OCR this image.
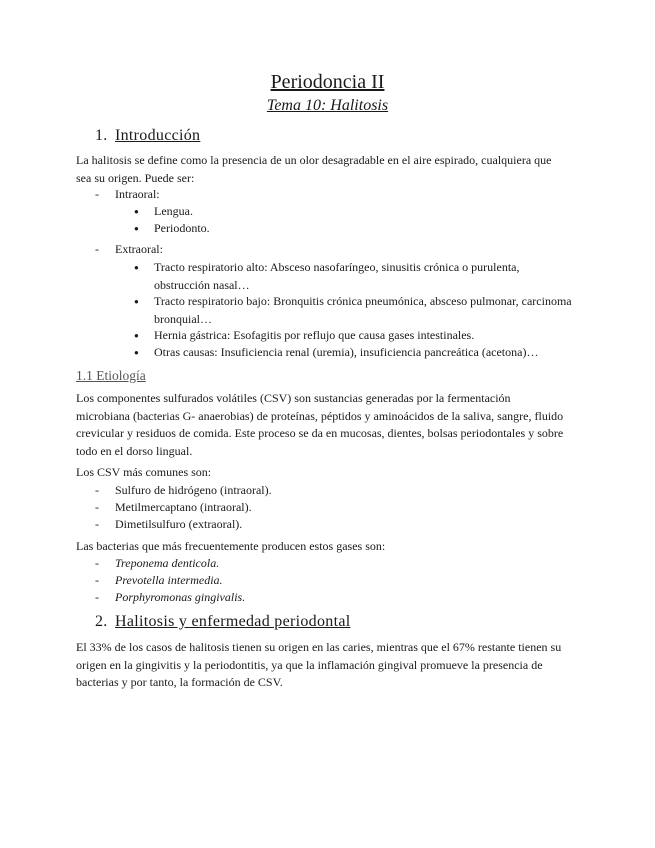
Periodoncia II
Tema 10: Halitosis
1. Introducción

La halitosis se define como la presencia de un olor desagradable en el aire espirado, cualquiera que sea su origen. Puede ser:

- Intraoral:
● Lengua.
● Periodonto.
- Extraoral:
● Tracto respiratorio alto: Absceso nasofaríngeo, sinusitis crónica o purulenta, obstrucción nasal…
● Tracto respiratorio bajo: Bronquitis crónica pneumónica, absceso pulmonar, carcinoma bronquial…
● Hernia gástrica: Esofagitis por reflujo que causa gases intestinales.
● Otras causas: Insuficiencia renal (uremia), insuficiencia pancreática (acetona)…
1.1 Etiología

Los componentes sulfurados volátiles (CSV) son sustancias generadas por la fermentación microbiana (bacterias G- anaerobias) de proteínas, péptidos y aminoácidos de la saliva, sangre, fluido crevicular y residuos de comida. Este proceso se da en mucosas, dientes, bolsas periodontales y sobre todo en el dorso lingual.

Los CSV más comunes son:

- Sulfuro de hidrógeno (intraoral).
- Metilmercaptano (intraoral).
- Dimetilsulfuro (extraoral).

Las bacterias que más frecuentemente producen estos gases son:

- Treponema denticola.
- Prevotella intermedia.
- Porphyromonas gingivalis.
2. Halitosis y enfermedad periodontal

El 33% de los casos de halitosis tienen su origen en las caries, mientras que el 67% restante tienen su origen en la gingivitis y la periodontitis, ya que la inflamación gingival promueve la presencia de bacterias y por tanto, la formación de CSV.
